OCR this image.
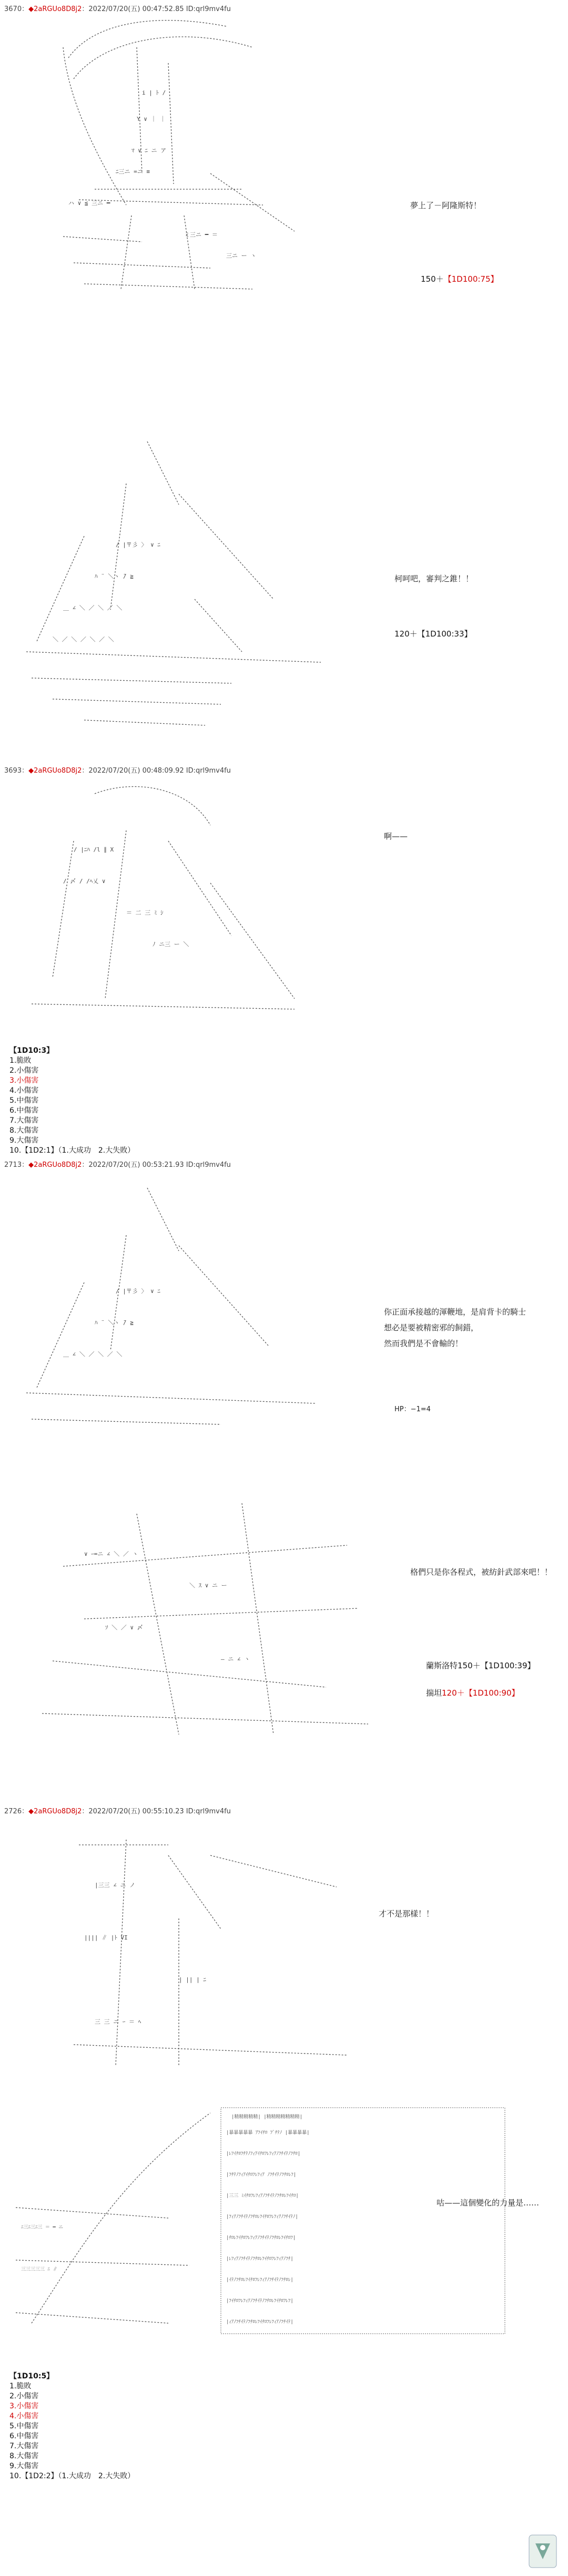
3670：◆2aRGUo8D8j2：2022/07/20(五) 00:47:52.85 ID:qrl9mv4fu
i | ﾄ /
Y ∨ ｜ ｜
ﾏ ∨ ﾆ ニ ア
ﾆ三ニ =ニ ≡
ハ ∨ ≦ 三ニ ━
ミ三ニ ━ ＝
三ニ ー ヽ
夢上了－阿隆斯特！
150＋【1D100:75】
/ |〒彡 〉 ∨ ﾆ
ﾊ ¨ ＼ヽ ̄/ ≧
＿ ∠ ＼ ／ ＼ ／ ＼
＼ ／ ＼ ／ ＼ ／ ＼
柯呵吧，審判之錐！！
120＋【1D100:33】
3693：◆2aRGUo8D8j2：2022/07/20(五) 00:48:09.92 ID:qrl9mv4fu
/ |ﾆﾊ /l ∥ X
/ 〆 / /ﾍ乂 ∨
＝ 二 三 ﾐ ｼ
ﾉ ニ三 ー ＼
啊——
【1D10:3】
1.脆敗
2.小傷害
3.小傷害
4.小傷害
5.中傷害
6.中傷害
7.大傷害
8.大傷害
9.大傷害
10.【1D2:1】（1.大成功　2.大失敗）
2713：◆2aRGUo8D8j2：2022/07/20(五) 00:53:21.93 ID:qrl9mv4fu
/ |〒彡 〉 ∨ ﾆ
ﾊ ¨ ＼ヽ ̄/ ≧
＿ ∠ ＼ ／ ＼ ／ ＼
你正面承接越的渾鞭地，是肩背卡的騎士
想必是要被精密邪的飼錯，
然而我們是不會輸的！
HP：−1=4
∨ ｰ=ニ ∠ ＼ ／ ヽ
＼ ｽ ∨ ニ ー
ｿ ＼ ／ ∨ 〆
― ニ ∠ ヽ
格們只是你各程式，被紡針武部來吧！！
蘭斯洛特150＋【1D100:39】
揣坦120＋【1D100:90】
2726：◆2aRGUo8D8j2：2022/07/20(五) 00:55:10.23 ID:qrl9mv4fu
|三三 ∠ ニ ノ
|||| ∥ |ﾄ VI
| || | ﾆ
三 三 ニ ｰ ＝ ﾍ
才不是那樣！！
|精精精精精| |精精精精精精精|
|暴暴暴暴暴 ｱﾌｲﾁﾛ ﾌﾞﾁﾃﾉ |暴暴暴暴|
|ﾚﾌｲﾁﾛﾌﾁﾃﾉﾌｨｱｲﾁﾛﾌﾚﾌｨｱﾉﾌﾁｲﾃﾉﾌﾁﾛ|
|ﾌﾁﾃﾉﾌｨｱｲﾁﾛﾌﾚﾌｨｱ ﾉﾌﾁｲﾃﾉﾌﾁﾛﾚﾌ|
|三三 ﾐｲﾁﾛﾌﾚﾌｨｱﾉﾌﾁｲﾃﾉﾌﾁﾛﾚﾌｲﾁﾛ|
|ﾌｨｱﾉﾌﾁｲﾃﾉﾌﾁﾛﾚﾌｲﾁﾛﾌﾚﾌｨｱﾉﾌﾁｲﾃﾉ|
|ﾁﾛﾚﾌｲﾁﾛﾌﾚﾌｨｱﾉﾌﾁｲﾃﾉﾌﾁﾛﾚﾌｲﾁﾛﾌ|
|ﾚﾌｨｱﾉﾌﾁｲﾃﾉﾌﾁﾛﾚﾌｲﾁﾛﾌﾚﾌｨｱﾉﾌﾁ|
|ｲﾃﾉﾌﾁﾛﾚﾌｲﾁﾛﾌﾚﾌｨｱﾉﾌﾁｲﾃﾉﾌﾁﾛﾚ|
|ﾌｲﾁﾛﾌﾚﾌｨｱﾉﾌﾁｲﾃﾉﾌﾁﾛﾚﾌｲﾁﾛﾌﾚﾌ|
|ｨｱﾉﾌﾁｲﾃﾉﾌﾁﾛﾚﾌｲﾁﾛﾌﾚﾌｨｱﾉﾌﾁｲﾃ|
ﾆ三ﾆ三ﾆ三 ＝ ━ ニ
三三三三三 ﾆ ∥
咕——這個變化的力量是……
【1D10:5】
1.脆敗
2.小傷害
3.小傷害
4.小傷害
5.中傷害
6.中傷害
7.大傷害
8.大傷害
9.大傷害
10.【1D2:2】（1.大成功　2.大失敗）
